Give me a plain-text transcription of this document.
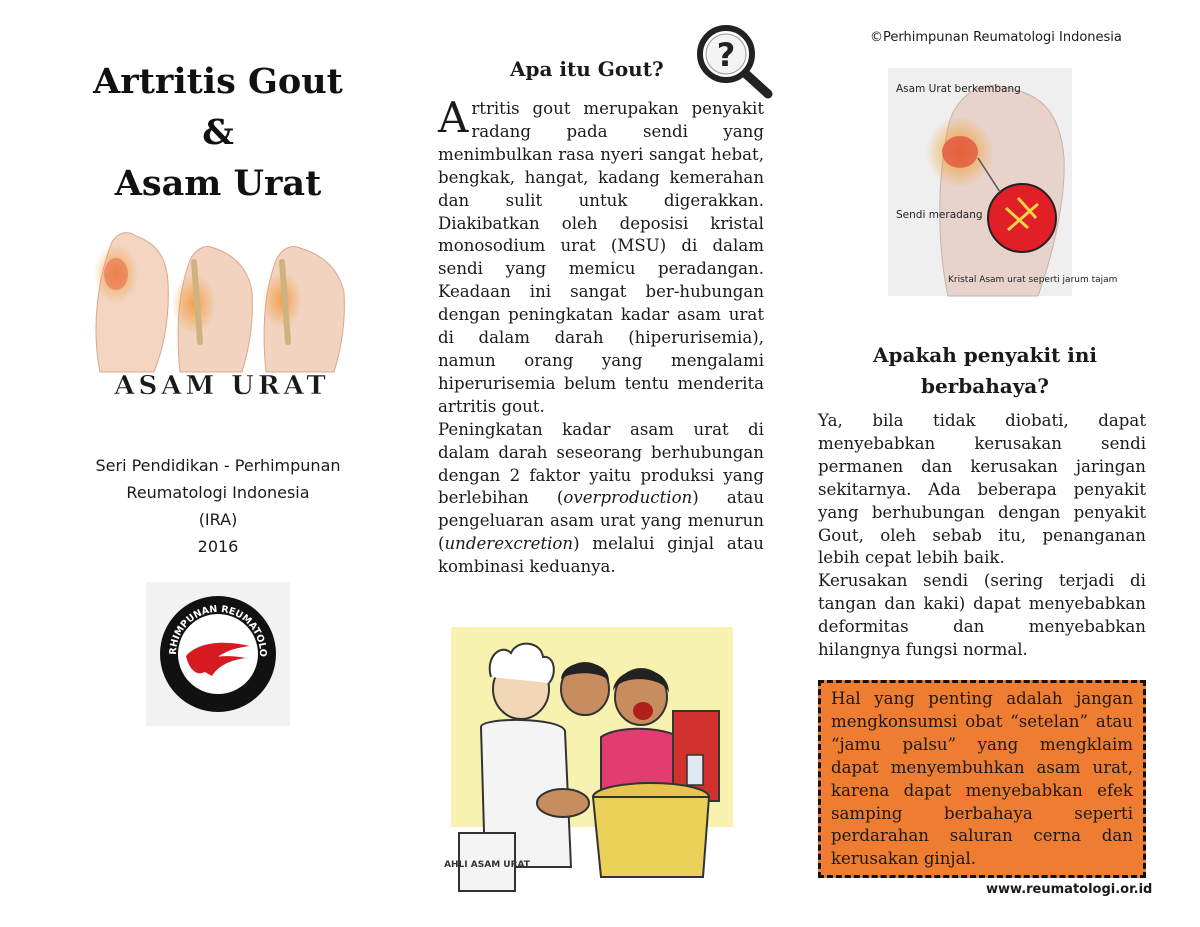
Artritis Gout
&
Asam Urat
ASAM URAT
Seri Pendidikan - Perhimpunan
Reumatologi Indonesia
(IRA)
2016
RHIMPUNAN REUMATOLO
INDONESIA
Apa itu Gout? ?

Artritis gout merupakan penyakit radang pada sendi yang menimbulkan rasa nyeri sangat hebat, bengkak, hangat, kadang kemerahan dan sulit untuk digerakkan. Diakibatkan oleh deposisi kristal monosodium urat (MSU) di dalam sendi yang memicu peradangan. Keadaan ini sangat ber-hubungan dengan peningkatan kadar asam urat di dalam darah (hiperurisemia), namun orang yang mengalami hiperurisemia belum tentu menderita artritis gout.

Peningkatan kadar asam urat di dalam darah seseorang berhubungan dengan 2 faktor yaitu produksi yang berlebihan (overproduction) atau pengeluaran asam urat yang menurun (underexcretion) melalui ginjal atau kombinasi keduanya.

AHLI ASAM URAT
©Perhimpunan Reumatologi Indonesia
Asam Urat berkembang
Sendi meradang
Kristal Asam urat seperti jarum tajam
Apakah penyakit ini berbahaya?

Ya, bila tidak diobati, dapat menyebabkan kerusakan sendi permanen dan kerusakan jaringan sekitarnya. Ada beberapa penyakit yang berhubungan dengan penyakit Gout, oleh sebab itu, penanganan lebih cepat lebih baik.

Kerusakan sendi (sering terjadi di tangan dan kaki) dapat menyebabkan deformitas dan menyebabkan hilangnya fungsi normal.

Hal yang penting adalah jangan mengkonsumsi obat “setelan” atau “jamu palsu” yang mengklaim dapat menyembuhkan asam urat, karena dapat menyebabkan efek samping berbahaya seperti perdarahan saluran cerna dan kerusakan ginjal.
www.reumatologi.or.id
